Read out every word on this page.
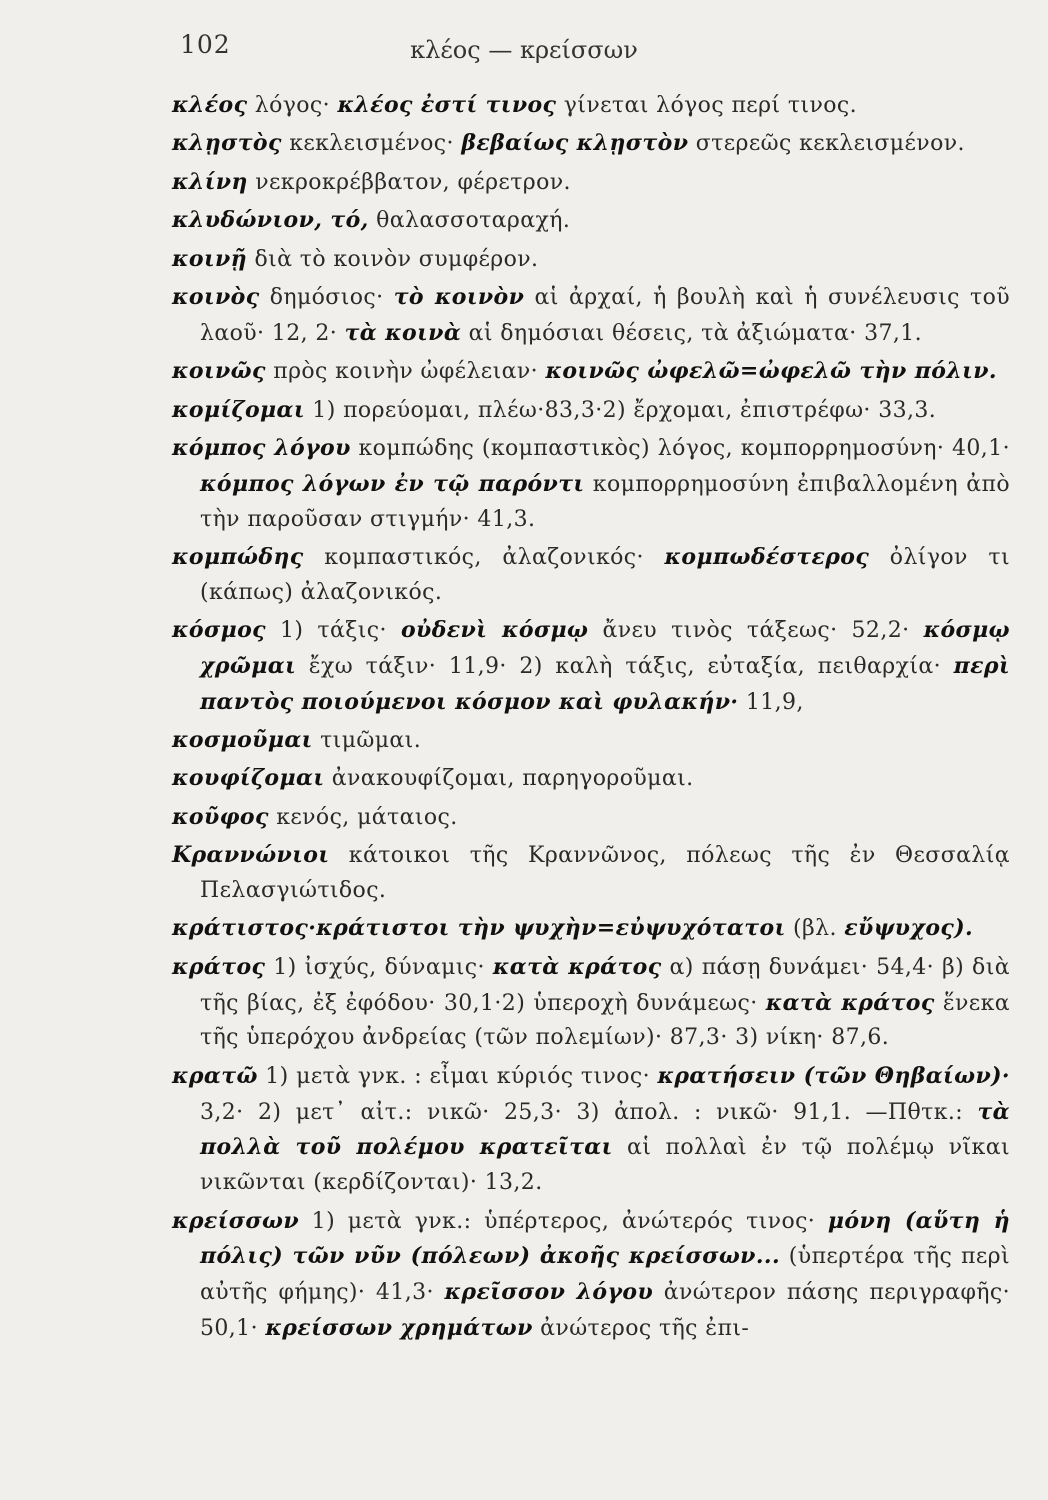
102	κλέος — κρείσσων
κλέος λόγος· κλέος ἐστί τινος γίνεται λόγος περί τινος.
κλῃστὸς κεκλεισμένος· βεβαίως κλῃστὸν στερεῶς κεκλεισμένον.
κλίνη νεκροκρέββατον, φέρετρον.
κλυδώνιον, τό, θαλασσοταραχή.
κοινῇ διὰ τὸ κοινὸν συμφέρον.
κοινὸς δημόσιος· τὸ κοινὸν αἱ ἀρχαί, ἡ βουλὴ καὶ ἡ συνέλευσις τοῦ λαοῦ· 12, 2· τὰ κοινὰ αἱ δημόσιαι θέσεις, τὰ ἀξιώματα· 37,1.
κοινῶς πρὸς κοινὴν ὠφέλειαν· κοινῶς ὠφελῶ=ὠφελῶ τὴν πόλιν.
κομίζομαι 1) πορεύομαι, πλέω·83,3·2) ἔρχομαι, ἐπιστρέφω· 33,3.
κόμπος λόγου κομπώδης (κομπαστικὸς) λόγος, κομπορρημοσύνη· 40,1· κόμπος λόγων ἐν τῷ παρόντι κομπορρημοσύνη ἐπιβαλλομένη ἀπὸ τὴν παροῦσαν στιγμήν· 41,3.
κομπώδης κομπαστικός, ἀλαζονικός· κομπωδέστερος ὀλίγον τι (κάπως) ἀλαζονικός.
κόσμος 1) τάξις· οὐδενὶ κόσμῳ ἄνευ τινὸς τάξεως· 52,2· κόσμῳ χρῶμαι ἔχω τάξιν· 11,9· 2) καλὴ τάξις, εὐταξία, πειθαρχία· περὶ παντὸς ποιούμενοι κόσμον καὶ φυλακήν· 11,9,
κοσμοῦμαι τιμῶμαι.
κουφίζομαι ἀνακουφίζομαι, παρηγοροῦμαι.
κοῦφος κενός, μάταιος.
Κραννώνιοι κάτοικοι τῆς Κραννῶνος, πόλεως τῆς ἐν Θεσσαλίᾳ Πελασγιώτιδος.
κράτιστος·κράτιστοι τὴν ψυχὴν=εὐψυχότατοι (βλ. εὔψυχος).
κράτος 1) ἰσχύς, δύναμις· κατὰ κράτος α) πάσῃ δυνάμει· 54,4· β) διὰ τῆς βίας, ἐξ ἐφόδου· 30,1·2) ὑπεροχὴ δυνάμεως· κατὰ κράτος ἕνεκα τῆς ὑπερόχου ἀνδρείας (τῶν πολεμίων)· 87,3· 3) νίκη· 87,6.
κρατῶ 1) μετὰ γνκ. : εἶμαι κύριός τινος· κρατήσειν (τῶν Θηβαίων)· 3,2· 2) μετ᾽ αἰτ.: νικῶ· 25,3· 3) ἀπολ. : νικῶ· 91,1. —Πθτκ.: τὰ πολλὰ τοῦ πολέμου κρατεῖται αἱ πολλαὶ ἐν τῷ πολέμῳ νῖκαι νικῶνται (κερδίζονται)· 13,2.
κρείσσων 1) μετὰ γνκ.: ὑπέρτερος, ἀνώτερός τινος· μόνη (αὕτη ἡ πόλις) τῶν νῦν (πόλεων) ἀκοῆς κρείσσων... (ὑπερτέρα τῆς περὶ αὐτῆς φήμης)· 41,3· κρεῖσσον λόγου ἀνώτερον πάσης περιγραφῆς· 50,1· κρείσσων χρημάτων ἀνώτερος τῆς ἐπι-
